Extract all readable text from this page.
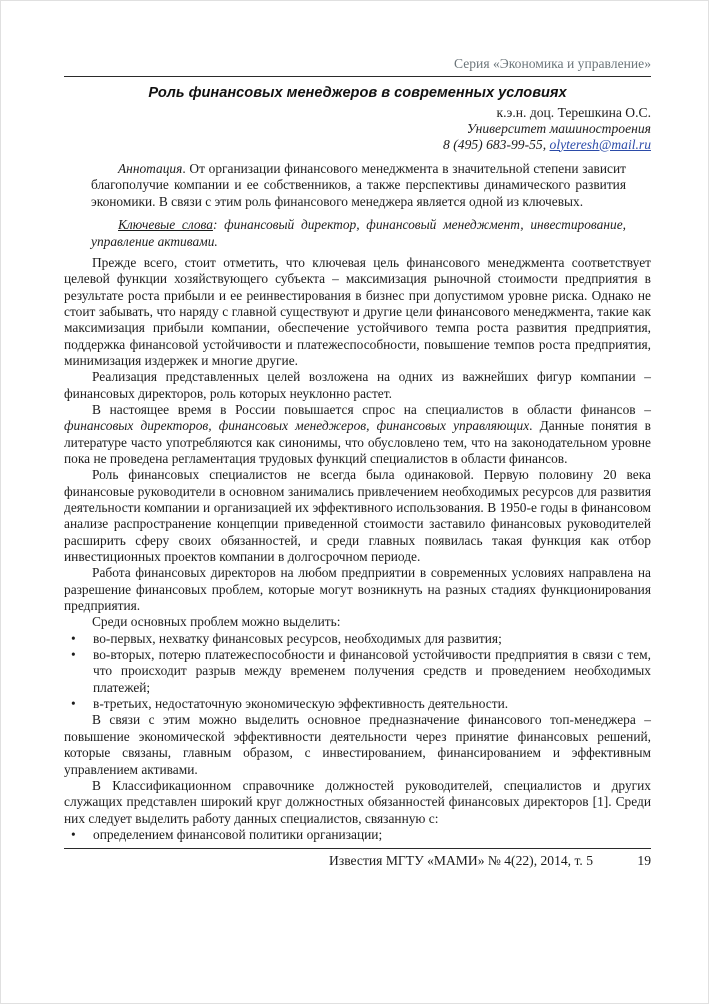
Серия «Экономика и управление»
Роль финансовых менеджеров в современных условиях
к.э.н. доц. Терешкина О.С.
Университет машиностроения
8 (495) 683-99-55, olyteresh@mail.ru
Аннотация. От организации финансового менеджмента в значительной степени зависит благополучие компании и ее собственников, а также перспективы динамического развития экономики. В связи с этим роль финансового менеджера является одной из ключевых.
Ключевые слова: финансовый директор, финансовый менеджмент, инвестирование, управление активами.

Прежде всего, стоит отметить, что ключевая цель финансового менеджмента соответствует целевой функции хозяйствующего субъекта – максимизация рыночной стоимости предприятия в результате роста прибыли и ее реинвестирования в бизнес при допустимом уровне риска. Однако не стоит забывать, что наряду с главной существуют и другие цели финансового менеджмента, такие как максимизация прибыли компании, обеспечение устойчивого темпа роста развития предприятия, поддержка финансовой устойчивости и платежеспособности, повышение темпов роста предприятия, минимизация издержек и многие другие.

Реализация представленных целей возложена на одних из важнейших фигур компании – финансовых директоров, роль которых неуклонно растет.

В настоящее время в России повышается спрос на специалистов в области финансов – финансовых директоров, финансовых менеджеров, финансовых управляющих. Данные понятия в литературе часто употребляются как синонимы, что обусловлено тем, что на законодательном уровне пока не проведена регламентация трудовых функций специалистов в области финансов.

Роль финансовых специалистов не всегда была одинаковой. Первую половину 20 века финансовые руководители в основном занимались привлечением необходимых ресурсов для развития деятельности компании и организацией их эффективного использования. В 1950-е годы в финансовом анализе распространение концепции приведенной стоимости заставило финансовых руководителей расширить сферу своих обязанностей, и среди главных появилась такая функция как отбор инвестиционных проектов компании в долгосрочном периоде.

Работа финансовых директоров на любом предприятии в современных условиях направлена на разрешение финансовых проблем, которые могут возникнуть на разных стадиях функционирования предприятия.

Среди основных проблем можно выделить:

• во-первых, нехватку финансовых ресурсов, необходимых для развития;
• во-вторых, потерю платежеспособности и финансовой устойчивости предприятия в связи с тем, что происходит разрыв между временем получения средств и проведением необходимых платежей;
• в-третьих, недостаточную экономическую эффективность деятельности.

В связи с этим можно выделить основное предназначение финансового топ-менеджера – повышение экономической эффективности деятельности через принятие финансовых решений, которые связаны, главным образом, с инвестированием, финансированием и эффективным управлением активами.

В Классификационном справочнике должностей руководителей, специалистов и других служащих представлен широкий круг должностных обязанностей финансовых директоров [1]. Среди них следует выделить работу данных специалистов, связанную с:

• определением финансовой политики организации;
Известия МГТУ «МАМИ» № 4(22), 2014, т. 5	19
